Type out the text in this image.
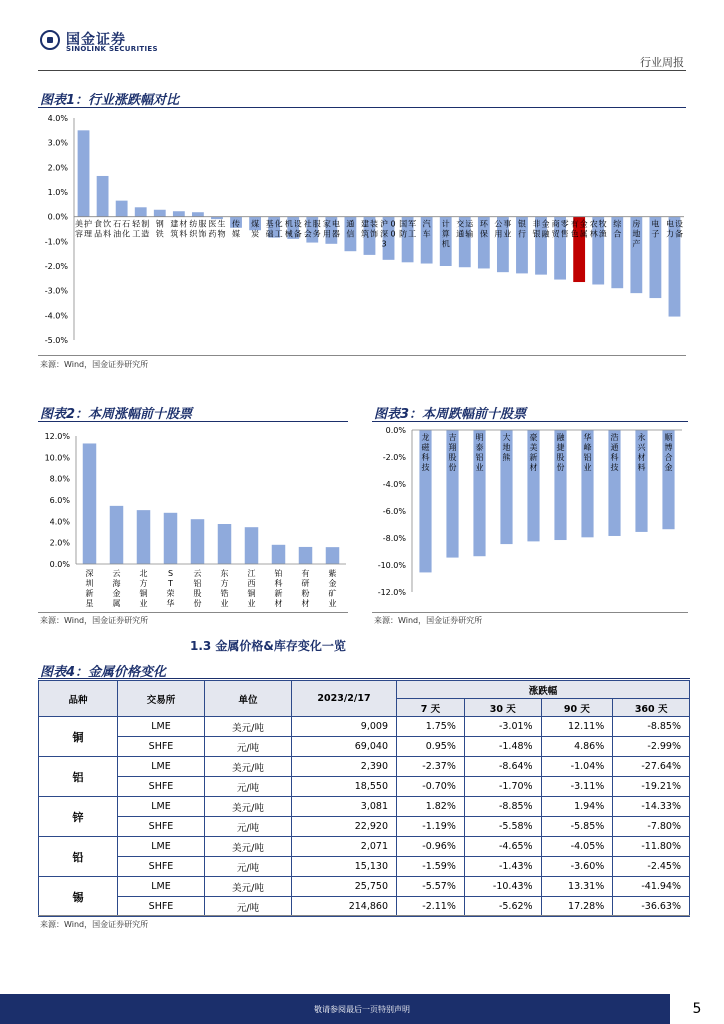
国金证券
SINOLINK SECURITIES
行业周报
图表1：行业涨跌幅对比
4.0%
3.0%
2.0%
1.0%
0.0%
-1.0%
-2.0%
-3.0%
-4.0%
-5.0%
美容
护理
食品
饮料
石油
石化
轻工
制造
钢铁
建筑
材料
纺织
服饰
医药
生物
传媒
煤炭
基础
化工
机械
设备
社会
服务
家用
电器
通信
建筑
装饰
沪深 3
0 0
国防
军工
汽车
计算机
交通
运输
环保
公用
事业
银行
非银
金融
商贸
零售
有色
金属
农林
牧渔
综合
房地产
电子
电力
设备
来源：Wind，国金证券研究所
图表2：本周涨幅前十股票
12.0%
10.0%
8.0%
6.0%
4.0%
2.0%
0.0%
深圳新星
云海金属
北方铜业
S T 荣华
云铝股份
东方锆业
江西铜业
铂科新材
有研粉材
紫金矿业
来源：Wind，国金证券研究所
图表3：本周跌幅前十股票
0.0%
-2.0%
-4.0%
-6.0%
-8.0%
-10.0%
-12.0%
龙磁科技
吉翔股份
明泰铝业
大地熊
豪美新材
融捷股份
华峰铝业
浩通科技
永兴材料
顺博合金
来源：Wind，国金证券研究所
1.3 金属价格&库存变化一览
图表4：金属价格变化
品种	交易所	单位	2023/2/17	涨跌幅			
				7 天	30 天	90 天	360 天
铜	LME	美元/吨	9,009	1.75%	-3.01%	12.11%	-8.85%
	SHFE	元/吨	69,040	0.95%	-1.48%	4.86%	-2.99%
铝	LME	美元/吨	2,390	-2.37%	-8.64%	-1.04%	-27.64%
	SHFE	元/吨	18,550	-0.70%	-1.70%	-3.11%	-19.21%
锌	LME	美元/吨	3,081	1.82%	-8.85%	1.94%	-14.33%
	SHFE	元/吨	22,920	-1.19%	-5.58%	-5.85%	-7.80%
铅	LME	美元/吨	2,071	-0.96%	-4.65%	-4.05%	-11.80%
	SHFE	元/吨	15,130	-1.59%	-1.43%	-3.60%	-2.45%
锡	LME	美元/吨	25,750	-5.57%	-10.43%	13.31%	-41.94%
	SHFE	元/吨	214,860	-2.11%	-5.62%	17.28%	-36.63%
来源：Wind，国金证券研究所
敬请参阅最后一页特别声明	5
